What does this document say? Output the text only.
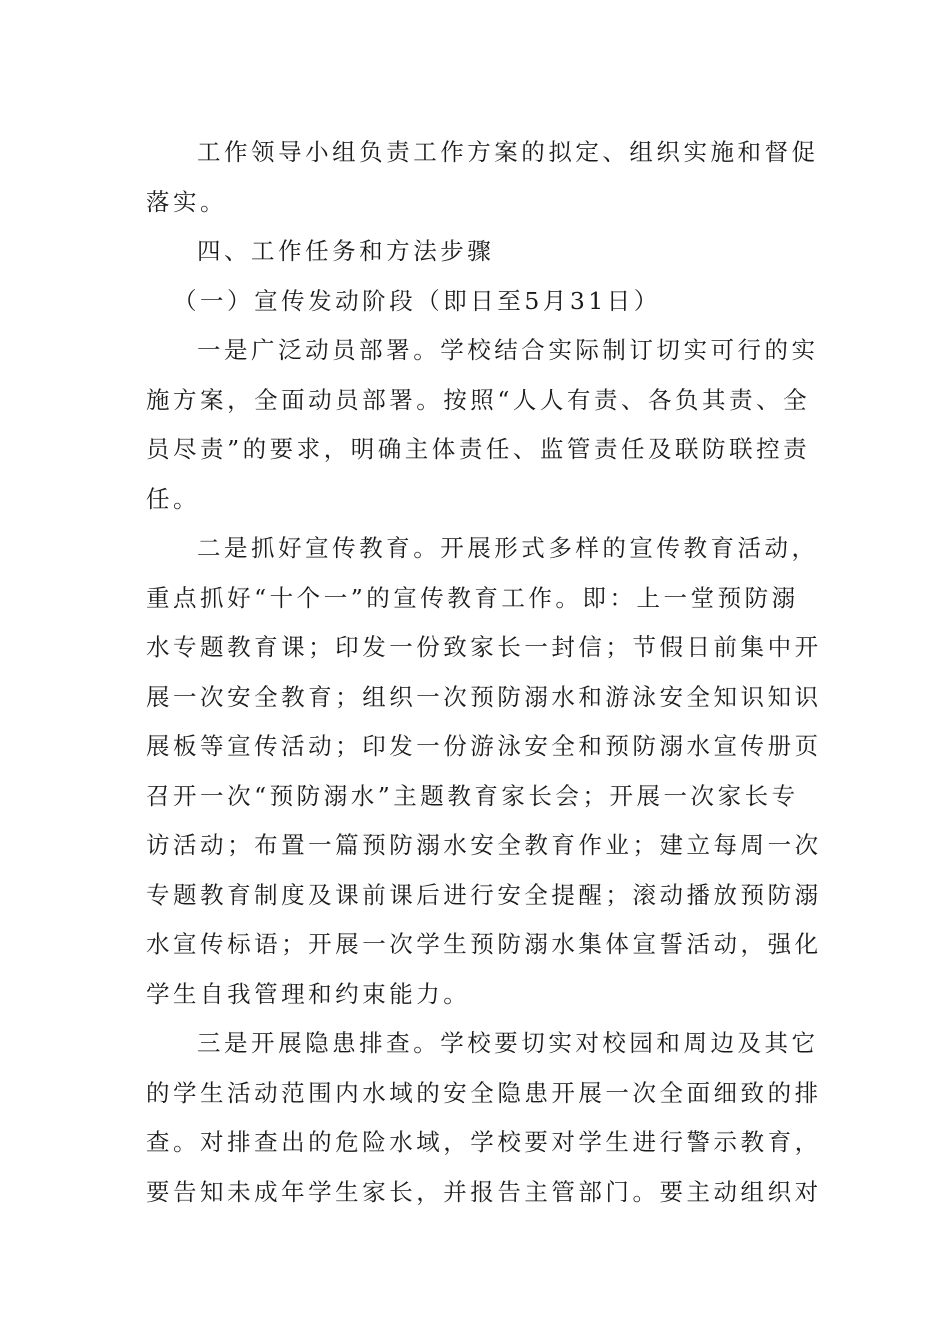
工作领导小组负责工作方案的拟定、组织实施和督促
落实。
四、工作任务和方法步骤
（一）宣传发动阶段（即日至5月31日）
一是广泛动员部署。学校结合实际制订切实可行的实
施方案，全面动员部署。按照“人人有责、各负其责、全
员尽责”的要求，明确主体责任、监管责任及联防联控责
任。
二是抓好宣传教育。开展形式多样的宣传教育活动，
重点抓好“十个一”的宣传教育工作。即：上一堂预防溺
水专题教育课；印发一份致家长一封信；节假日前集中开
展一次安全教育；组织一次预防溺水和游泳安全知识知识
展板等宣传活动；印发一份游泳安全和预防溺水宣传册页
召开一次“预防溺水”主题教育家长会；开展一次家长专
访活动；布置一篇预防溺水安全教育作业；建立每周一次
专题教育制度及课前课后进行安全提醒；滚动播放预防溺
水宣传标语；开展一次学生预防溺水集体宣誓活动，强化
学生自我管理和约束能力。
三是开展隐患排查。学校要切实对校园和周边及其它
的学生活动范围内水域的安全隐患开展一次全面细致的排
查。对排查出的危险水域，学校要对学生进行警示教育，
要告知未成年学生家长，并报告主管部门。要主动组织对
